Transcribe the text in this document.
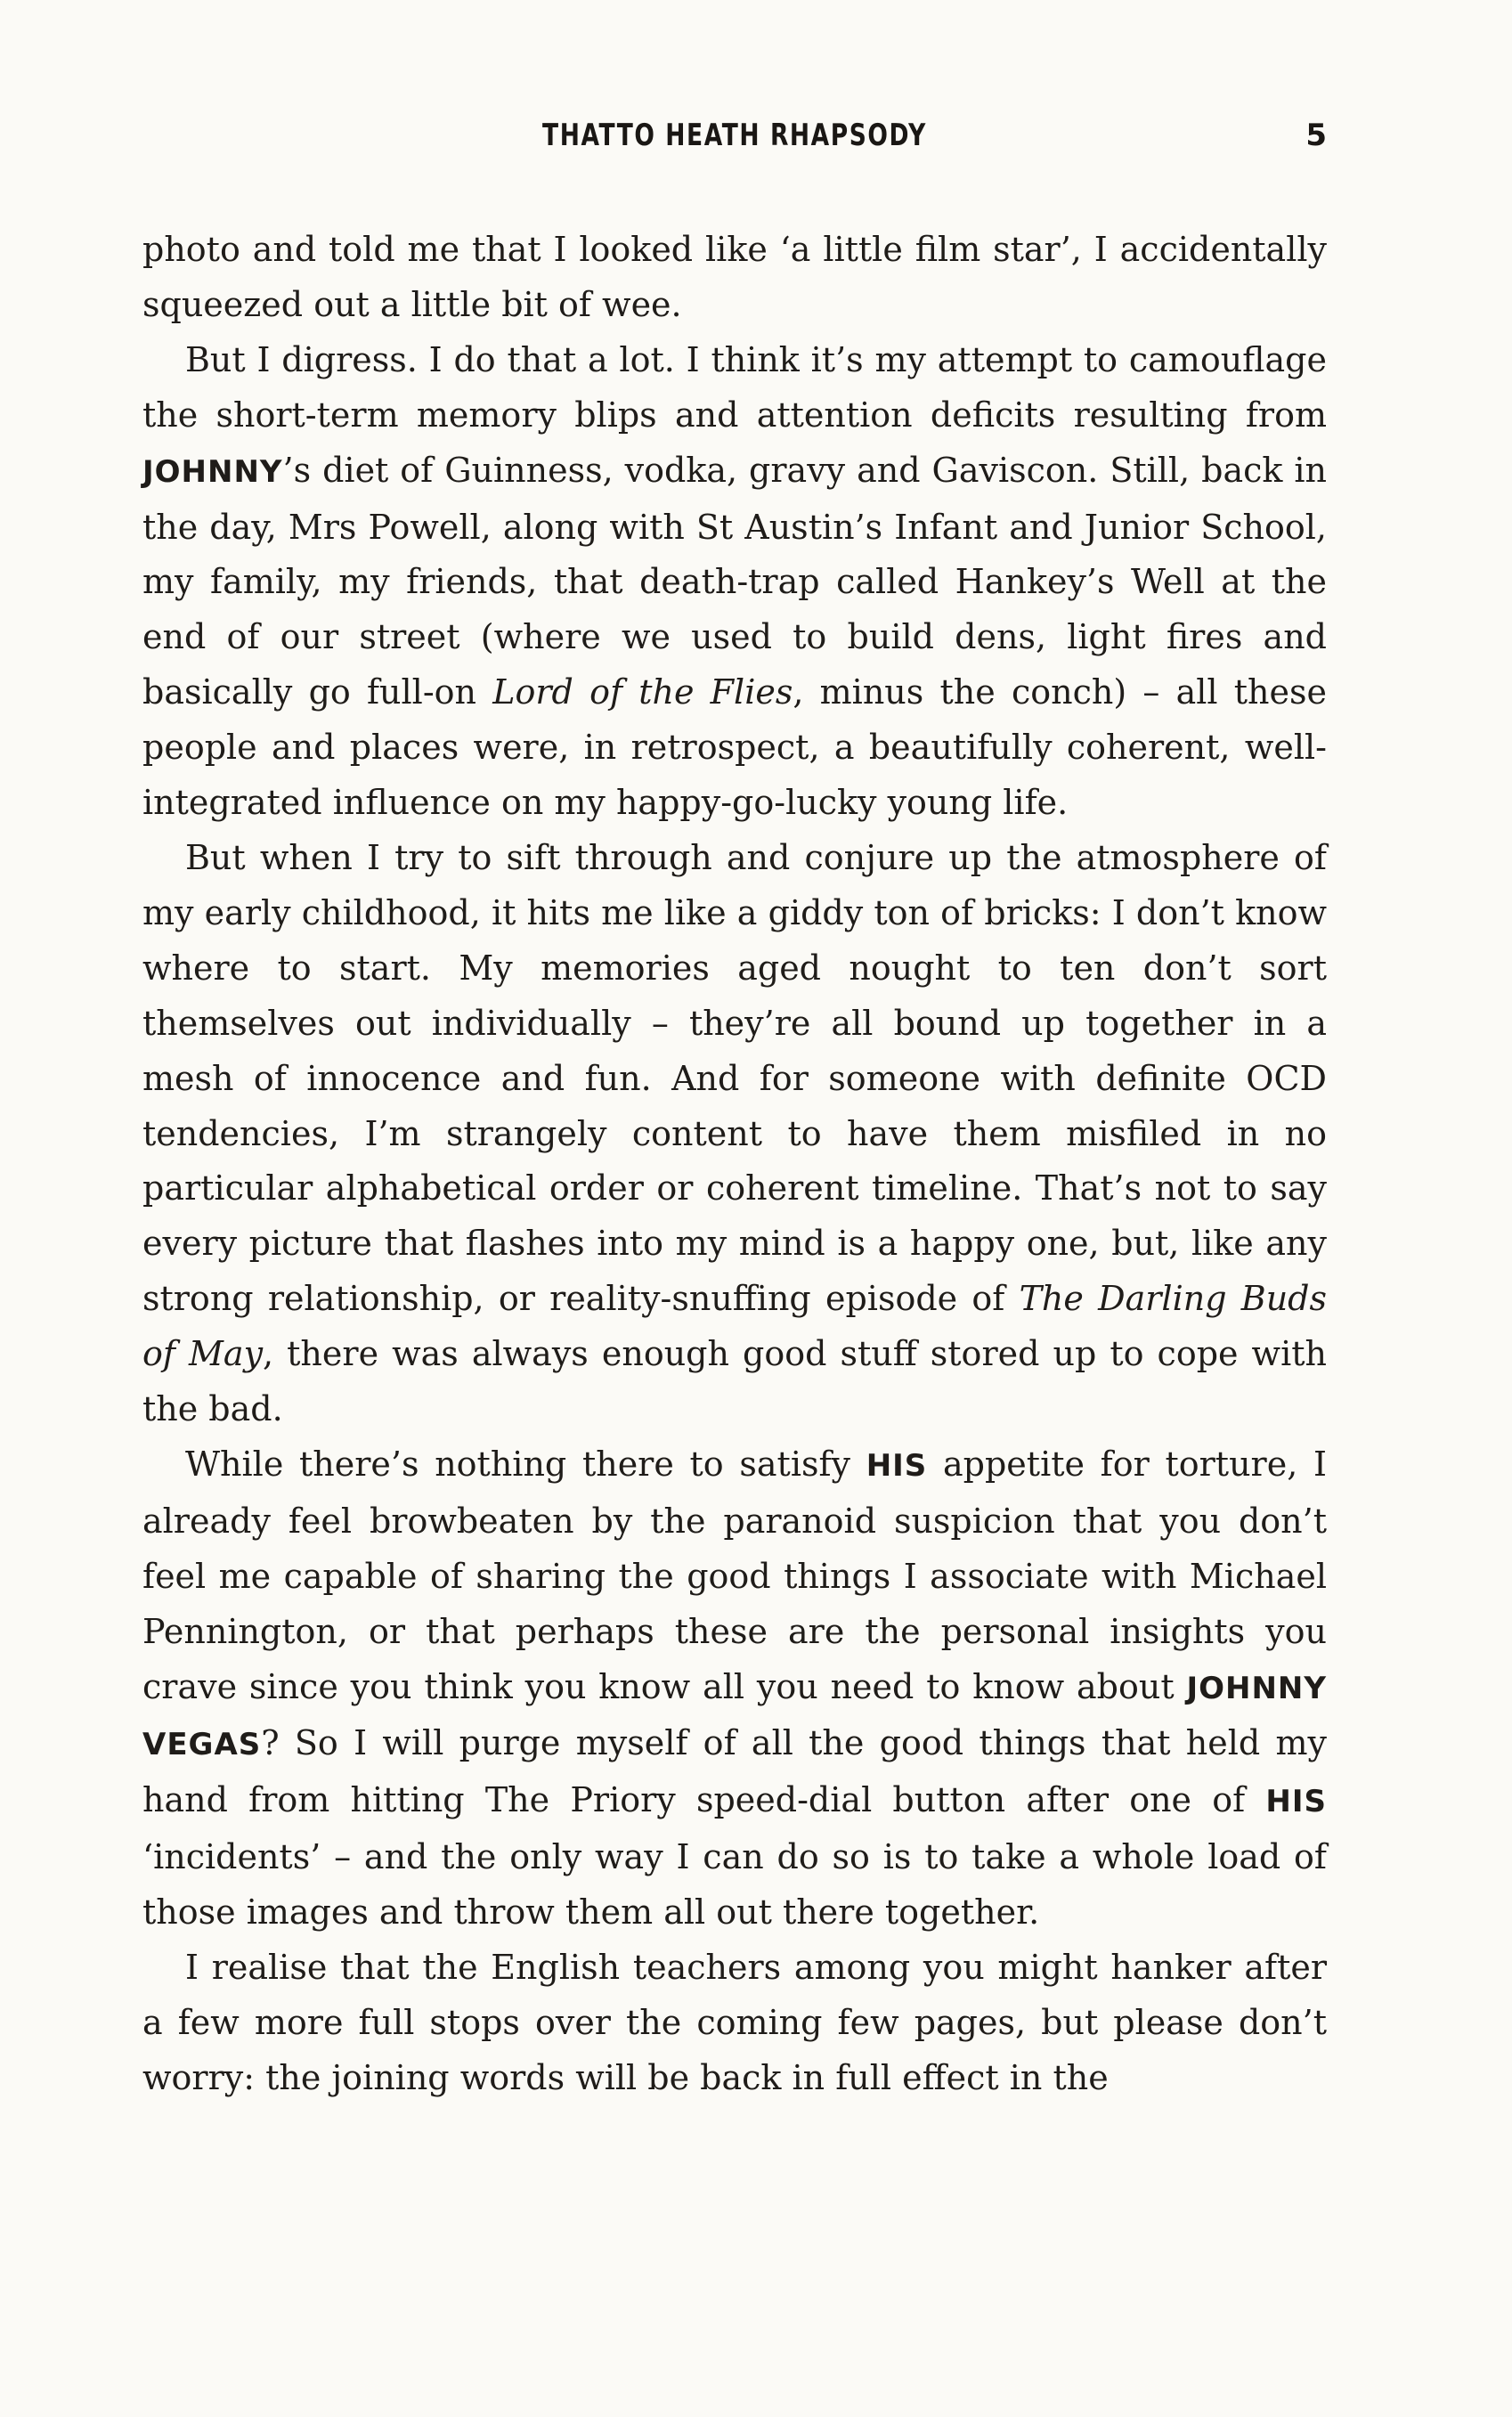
THATTO HEATH RHAPSODY	5

photo and told me that I looked like ‘a little film star’, I accidentally squeezed out a little bit of wee.

But I digress. I do that a lot. I think it’s my attempt to camouflage the short-term memory blips and attention deficits resulting from JOHNNY’s diet of Guinness, vodka, gravy and Gaviscon. Still, back in the day, Mrs Powell, along with St Austin’s Infant and Junior School, my family, my friends, that death-trap called Hankey’s Well at the end of our street (where we used to build dens, light fires and basically go full-on Lord of the Flies, minus the conch) – all these people and places were, in retrospect, a beautifully coherent, well-integrated influence on my happy-go-lucky young life.

But when I try to sift through and conjure up the atmosphere of my early childhood, it hits me like a giddy ton of bricks: I don’t know where to start. My memories aged nought to ten don’t sort themselves out individually – they’re all bound up together in a mesh of innocence and fun. And for someone with definite OCD tendencies, I’m strangely content to have them misfiled in no particular alphabetical order or coherent timeline. That’s not to say every picture that flashes into my mind is a happy one, but, like any strong relationship, or reality-snuffing episode of The Darling Buds of May, there was always enough good stuff stored up to cope with the bad.

While there’s nothing there to satisfy HIS appetite for torture, I already feel browbeaten by the paranoid suspicion that you don’t feel me capable of sharing the good things I associate with Michael Pennington, or that perhaps these are the personal insights you crave since you think you know all you need to know about JOHNNY VEGAS? So I will purge myself of all the good things that held my hand from hitting The Priory speed-dial button after one of HIS ‘incidents’ – and the only way I can do so is to take a whole load of those images and throw them all out there together.

I realise that the English teachers among you might hanker after a few more full stops over the coming few pages, but please don’t worry: the joining words will be back in full effect in the
